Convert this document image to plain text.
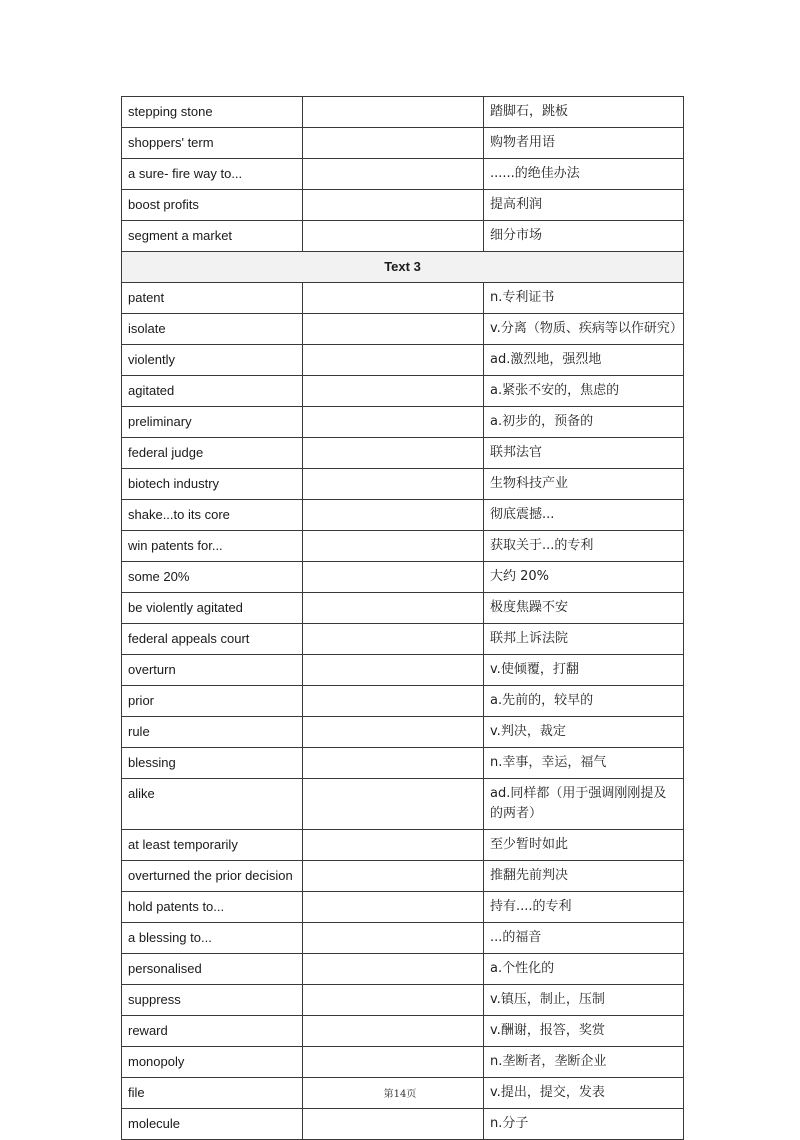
stepping stone		踏脚石，跳板
shoppers' term		购物者用语
a sure- fire way to...		......的绝佳办法
boost profits		提高利润
segment a market		细分市场
Text 3		
patent		n.专利证书
isolate		v.分离（物质、疾病等以作研究）
violently		ad.激烈地，强烈地
agitated		a.紧张不安的，焦虑的
preliminary		a.初步的，预备的
federal judge		联邦法官
biotech industry		生物科技产业
shake...to its core		彻底震撼...
win patents for...		获取关于...的专利
some 20%		大约 20%
be violently agitated		极度焦躁不安
federal appeals court		联邦上诉法院
overturn		v.使倾覆，打翻
prior		a.先前的，较早的
rule		v.判决，裁定
blessing		n.幸事，幸运，福气
alike		ad.同样都（用于强调刚刚提及的两者）
at least temporarily		至少暂时如此
overturned the prior decision		推翻先前判决
hold patents to...		持有....的专利
a blessing to...		...的福音
personalised		a.个性化的
suppress		v.镇压，制止，压制
reward		v.酬谢，报答，奖赏
monopoly		n.垄断者，垄断企业
file		v.提出，提交，发表
molecule		n.分子
第14页
